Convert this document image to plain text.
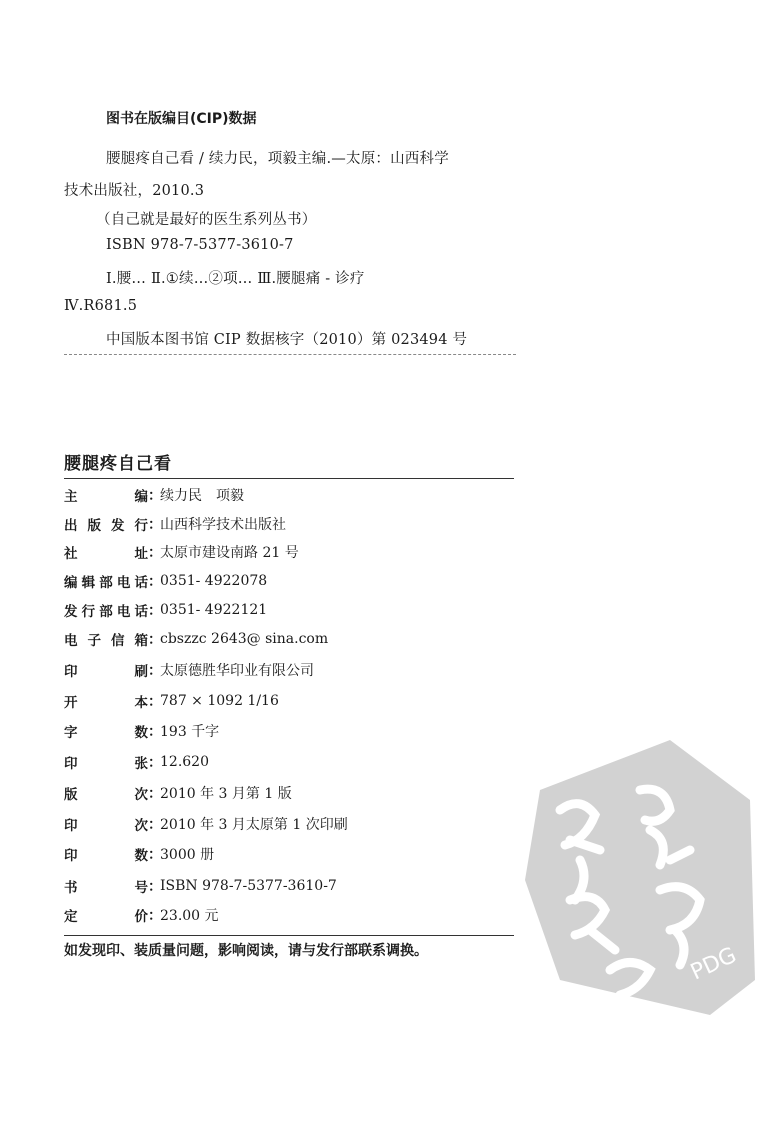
图书在版编目(CIP)数据
腰腿疼自己看 / 续力民，项毅主编.—太原：山西科学
技术出版社，2010.3
（自己就是最好的医生系列丛书）
ISBN 978-7-5377-3610-7
Ⅰ.腰… Ⅱ.①续…②项… Ⅲ.腰腿痛 - 诊疗
Ⅳ.R681.5
中国版本图书馆 CIP 数据核字（2010）第 023494 号
腰腿疼自己看
主	编 ：
续力民　项毅
出 版 发 行 ：
山西科学技术出版社
社	址 ：
太原市建设南路 21 号
编 辑 部 电 话 ：
0351- 4922078
发 行 部 电 话 ：
0351- 4922121
电 子 信 箱 ：
cbszzc 2643@ sina.com
印	刷 ：
太原德胜华印业有限公司
开	本 ：
787 × 1092 1/16
字	数 ：
193 千字
印	张 ：
12.620
版	次 ：
2010 年 3 月第 1 版
印	次 ：
2010 年 3 月太原第 1 次印刷
印	数 ：
3000 册
书	号 ：
ISBN 978-7-5377-3610-7
定	价 ：
23.00 元
如发现印、装质量问题，影响阅读，请与发行部联系调换。	PDG
